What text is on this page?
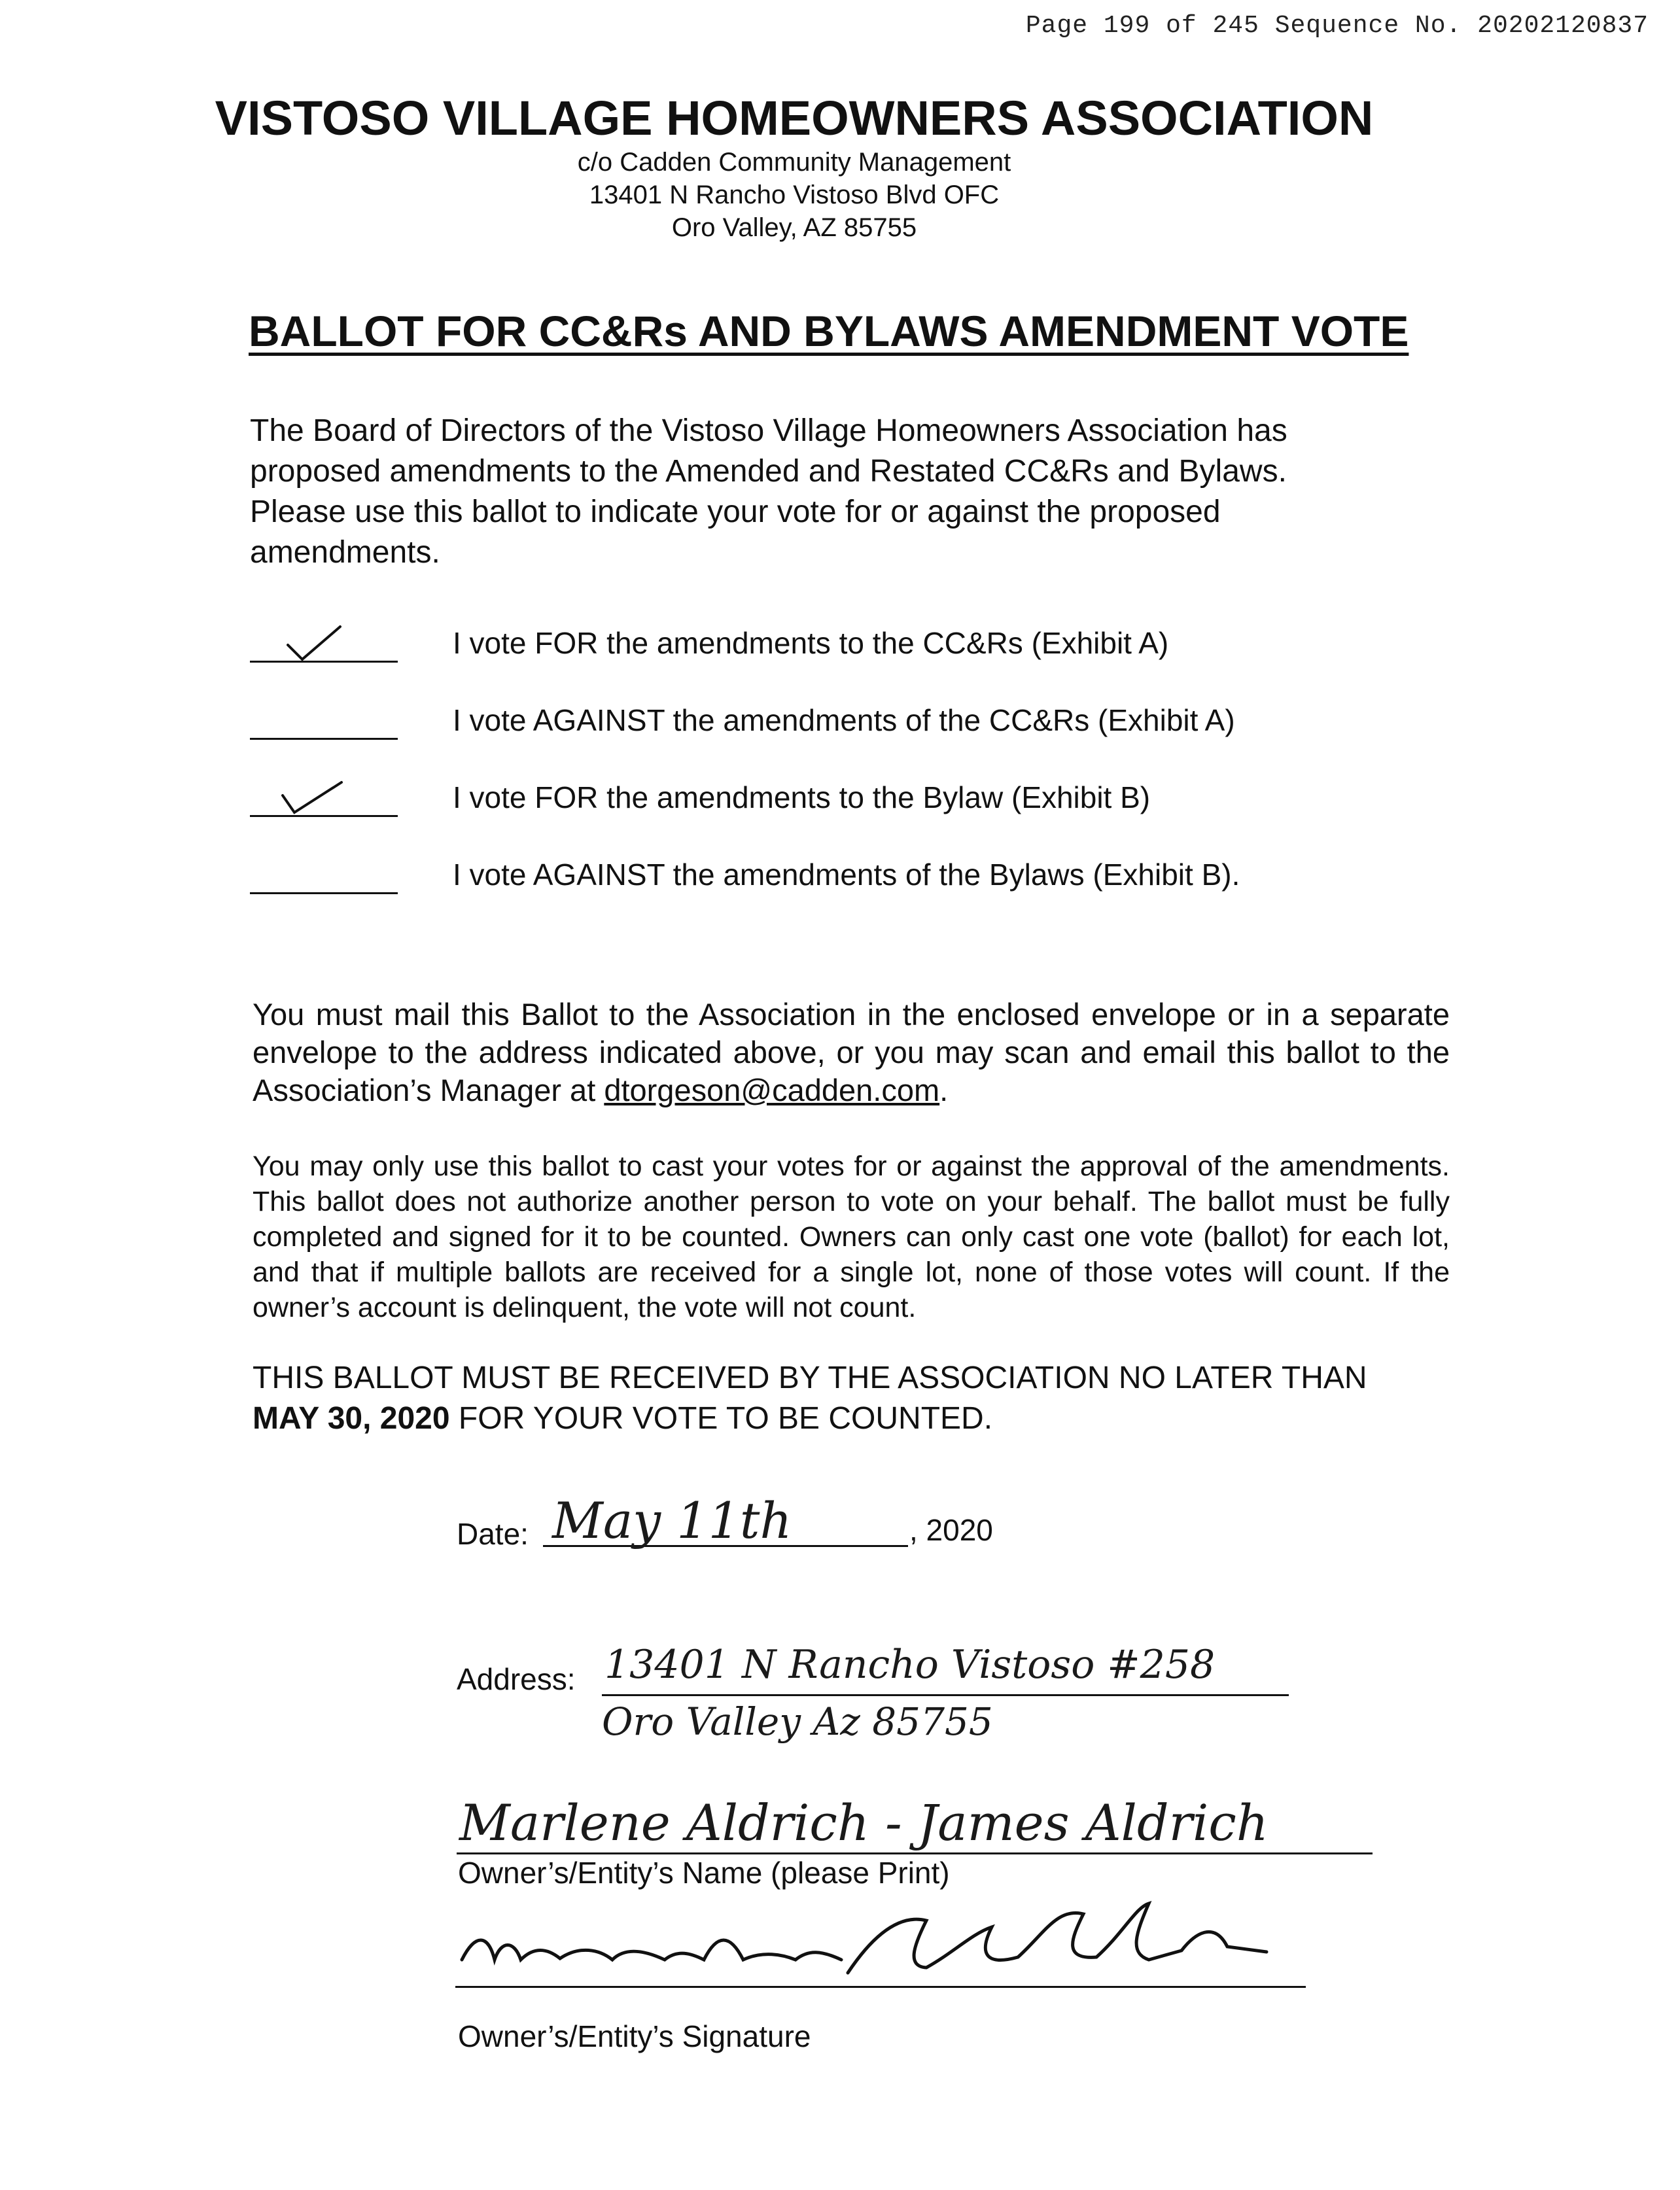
Page 199 of 245 Sequence No. 20202120837
VISTOSO VILLAGE HOMEOWNERS ASSOCIATION
c/o Cadden Community Management
13401 N Rancho Vistoso Blvd OFC
Oro Valley, AZ 85755
BALLOT FOR CC&Rs AND BYLAWS AMENDMENT VOTE
The Board of Directors of the Vistoso Village Homeowners Association has proposed amendments to the Amended and Restated CC&Rs and Bylaws. Please use this ballot to indicate your vote for or against the proposed amendments.
I vote FOR the amendments to the CC&Rs (Exhibit A)
I vote AGAINST the amendments of the CC&Rs (Exhibit A)
I vote FOR the amendments to the Bylaw (Exhibit B)
I vote AGAINST the amendments of the Bylaws (Exhibit B).
You must mail this Ballot to the Association in the enclosed envelope or in a separate envelope to the address indicated above, or you may scan and email this ballot to the Association’s Manager at dtorgeson@cadden.com.
You may only use this ballot to cast your votes for or against the approval of the amendments. This ballot does not authorize another person to vote on your behalf. The ballot must be fully completed and signed for it to be counted. Owners can only cast one vote (ballot) for each lot, and that if multiple ballots are received for a single lot, none of those votes will count. If the owner’s account is delinquent, the vote will not count.
THIS BALLOT MUST BE RECEIVED BY THE ASSOCIATION NO LATER THAN
MAY 30, 2020 FOR YOUR VOTE TO BE COUNTED.
Date: May 11th	, 2020
Address: 13401 N Rancho Vistoso #258
Oro Valley Az 85755
Marlene Aldrich - James Aldrich
Owner’s/Entity’s Name (please Print)
Owner’s/Entity’s Signature
